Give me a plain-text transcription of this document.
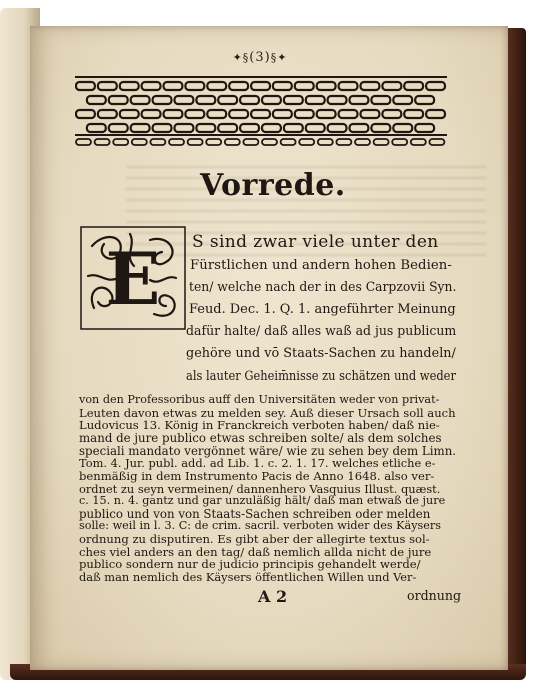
✦§(3)§✦
Vorrede.
E S sind zwar viele unter den
Fürstlichen und andern hohen Bedien-
ten/ welche nach der in des Carpzovii Syn.
Feud. Dec. 1. Q. 1. angeführter Meinung
dafür halte/ daß alles waß ad jus publicum
gehöre und vō Staats-Sachen zu handeln/
als lauter Geheim̄nisse zu schätzen und weder
von den Professoribus auff den Universitäten weder von privat-
Leuten davon etwas zu melden sey. Auß dieser Ursach soll auch
Ludovicus 13. König in Franckreich verboten haben/ daß nie-
mand de jure publico etwas schreiben solte/ als dem solches
speciali mandato vergönnet wäre/ wie zu sehen bey dem Limn.
Tom. 4. Jur. publ. add. ad Lib. 1. c. 2. 1. 17. welches etliche e-
benmäßig in dem Instrumento Pacis de Anno 1648. also ver-
ordnet zu seyn vermeinen/ dannenhero Vasquius Illust. quæst.
c. 15. n. 4. gantz und gar unzuläßig hält/ daß man etwaß de jure
publico und von von Staats-Sachen schreiben oder melden
solle: weil in l. 3. C: de crim. sacril. verboten wider des Käysers
ordnung zu disputiren. Es gibt aber der allegirte textus sol-
ches viel anders an den tag/ daß nemlich allda nicht de jure
publico sondern nur de judicio principis gehandelt werde/
daß man nemlich des Käysers öffentlichen Willen und Ver-
A 2	ordnung
